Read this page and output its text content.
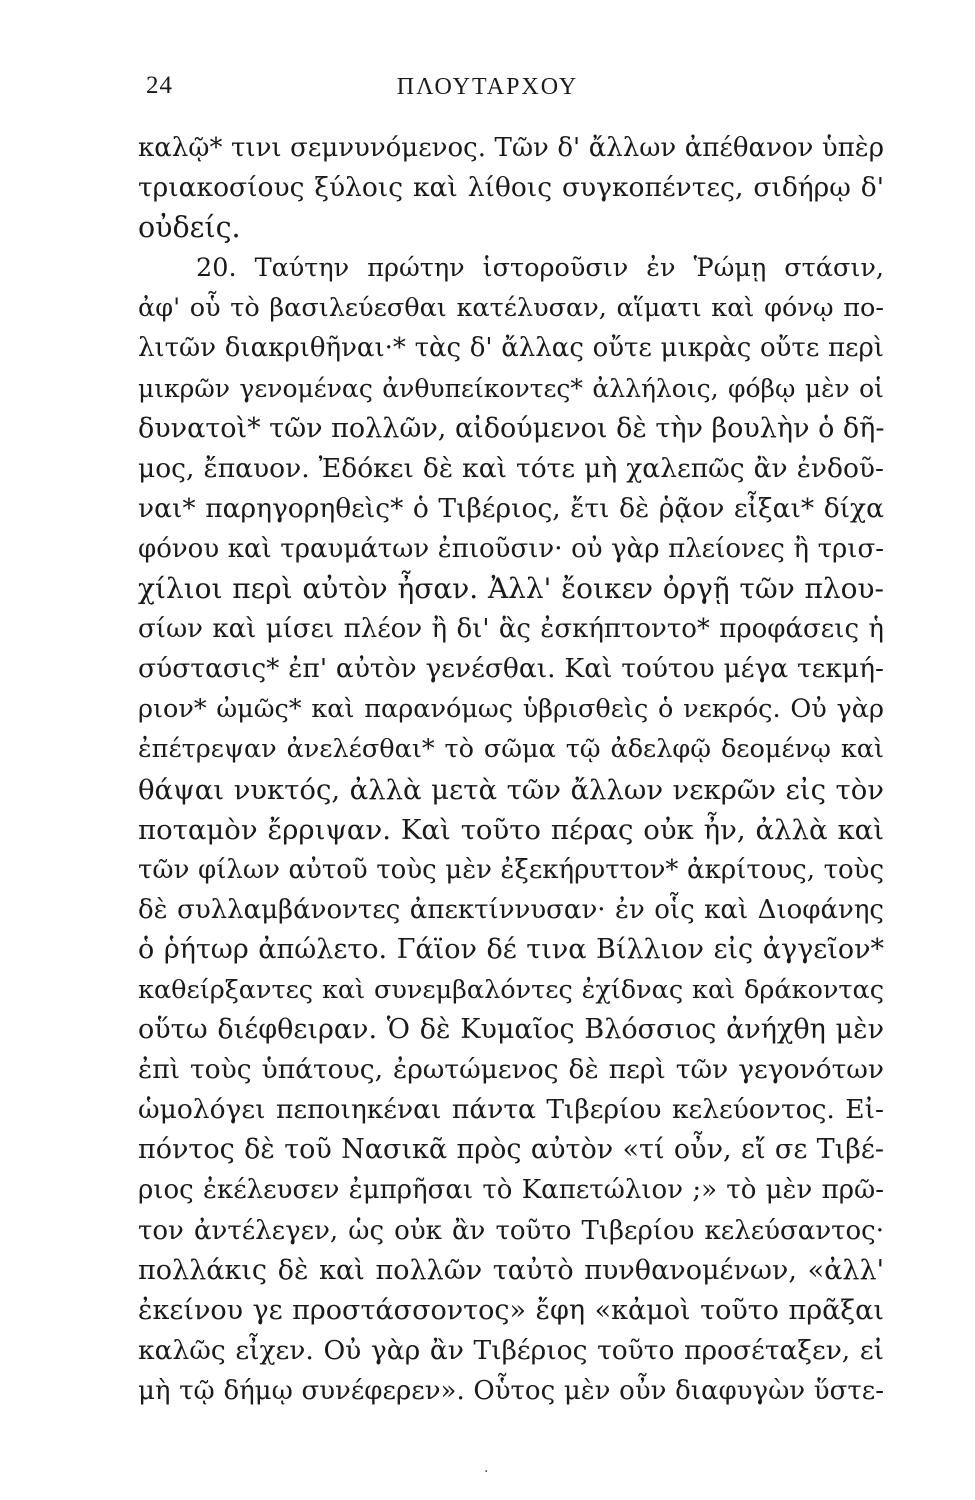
24	ΠΛΟΥΤΑΡΧΟΥ
καλῷ* τινι σεμνυνόμενος. Τῶν δ' ἄλλων ἀπέθανον ὑπὲρ
τριακοσίους ξύλοις καὶ λίθοις συγκοπέντες, σιδήρῳ δ'
οὐδείς.
20. Ταύτην πρώτην ἱστοροῦσιν ἐν Ῥώμῃ στάσιν,
ἀφ' οὗ τὸ βασιλεύεσθαι κατέλυσαν, αἵματι καὶ φόνῳ πο-
λιτῶν διακριθῆναι·* τὰς δ' ἄλλας οὔτε μικρὰς οὔτε περὶ
μικρῶν γενομένας ἀνθυπείκοντες* ἀλλήλοις, φόβῳ μὲν οἱ
δυνατοὶ* τῶν πολλῶν, αἰδούμενοι δὲ τὴν βουλὴν ὁ δῆ-
μος, ἔπαυον. Ἐδόκει δὲ καὶ τότε μὴ χαλεπῶς ἂν ἐνδοῦ-
ναι* παρηγορηθεὶς* ὁ Τιβέριος, ἔτι δὲ ῥᾷον εἶξαι* δίχα
φόνου καὶ τραυμάτων ἐπιοῦσιν· οὐ γὰρ πλείονες ἢ τρισ-
χίλιοι περὶ αὐτὸν ἦσαν. Ἀλλ' ἔοικεν ὀργῇ τῶν πλου-
σίων καὶ μίσει πλέον ἢ δι' ἃς ἐσκήπτοντο* προφάσεις ἡ
σύστασις* ἐπ' αὐτὸν γενέσθαι. Καὶ τούτου μέγα τεκμή-
ριον* ὠμῶς* καὶ παρανόμως ὑβρισθεὶς ὁ νεκρός. Οὐ γὰρ
ἐπέτρεψαν ἀνελέσθαι* τὸ σῶμα τῷ ἀδελφῷ δεομένῳ καὶ
θάψαι νυκτός, ἀλλὰ μετὰ τῶν ἄλλων νεκρῶν εἰς τὸν
ποταμὸν ἔρριψαν. Καὶ τοῦτο πέρας οὐκ ἦν, ἀλλὰ καὶ
τῶν φίλων αὐτοῦ τοὺς μὲν ἐξεκήρυττον* ἀκρίτους, τοὺς
δὲ συλλαμβάνοντες ἀπεκτίννυσαν· ἐν οἷς καὶ Διοφάνης
ὁ ῥήτωρ ἀπώλετο. Γάϊον δέ τινα Βίλλιον εἰς ἀγγεῖον*
καθείρξαντες καὶ συνεμβαλόντες ἐχίδνας καὶ δράκοντας
οὕτω διέφθειραν. Ὁ δὲ Κυμαῖος Βλόσσιος ἀνήχθη μὲν
ἐπὶ τοὺς ὑπάτους, ἐρωτώμενος δὲ περὶ τῶν γεγονότων
ὡμολόγει πεποιηκέναι πάντα Τιβερίου κελεύοντος. Εἰ-
πόντος δὲ τοῦ Νασικᾶ πρὸς αὐτὸν «τί οὖν, εἴ σε Τιβέ-
ριος ἐκέλευσεν ἐμπρῆσαι τὸ Καπετώλιον ;» τὸ μὲν πρῶ-
τον ἀντέλεγεν, ὡς οὐκ ἂν τοῦτο Τιβερίου κελεύσαντος·
πολλάκις δὲ καὶ πολλῶν ταὐτὸ πυνθανομένων, «ἀλλ'
ἐκείνου γε προστάσσοντος» ἔφη «κἀμοὶ τοῦτο πρᾶξαι
καλῶς εἶχεν. Οὐ γὰρ ἂν Τιβέριος τοῦτο προσέταξεν, εἰ
μὴ τῷ δήμῳ συνέφερεν». Οὗτος μὲν οὖν διαφυγὼν ὕστε-
·
